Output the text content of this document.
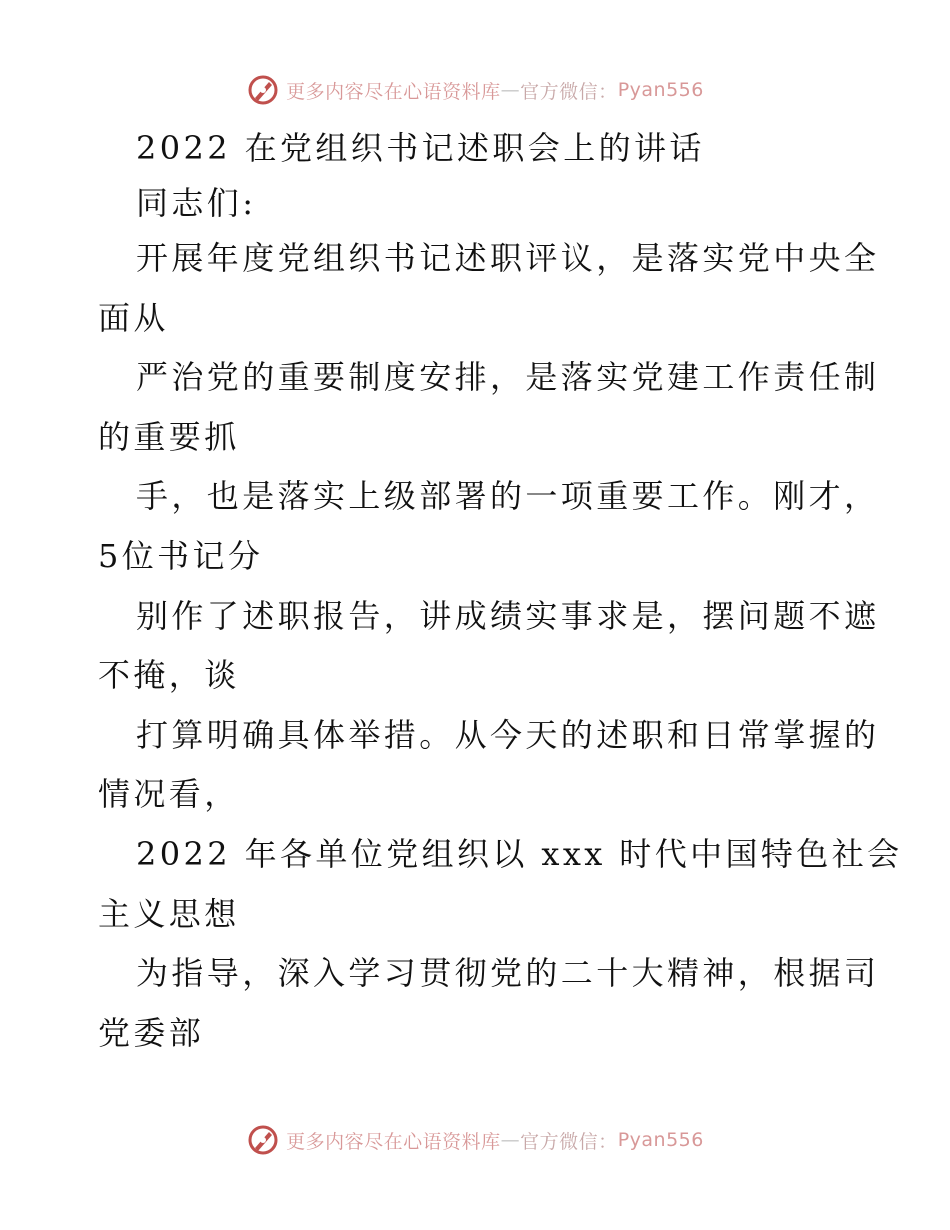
更多内容尽在心语资料库 — 官方微信： Pyan556
2022 在党组织书记述职会上的讲话
同志们:
开展年度党组织书记述职评议，是落实党中央全
面从
严治党的重要制度安排，是落实党建工作责任制
的重要抓
手，也是落实上级部署的一项重要工作。刚才，
5位书记分
别作了述职报告，讲成绩实事求是，摆问题不遮
不掩，谈
打算明确具体举措。从今天的述职和日常掌握的
情况看，
2022 年各单位党组织以 xxx 时代中国特色社会
主义思想
为指导，深入学习贯彻党的二十大精神，根据司
党委部
更多内容尽在心语资料库 — 官方微信： Pyan556
